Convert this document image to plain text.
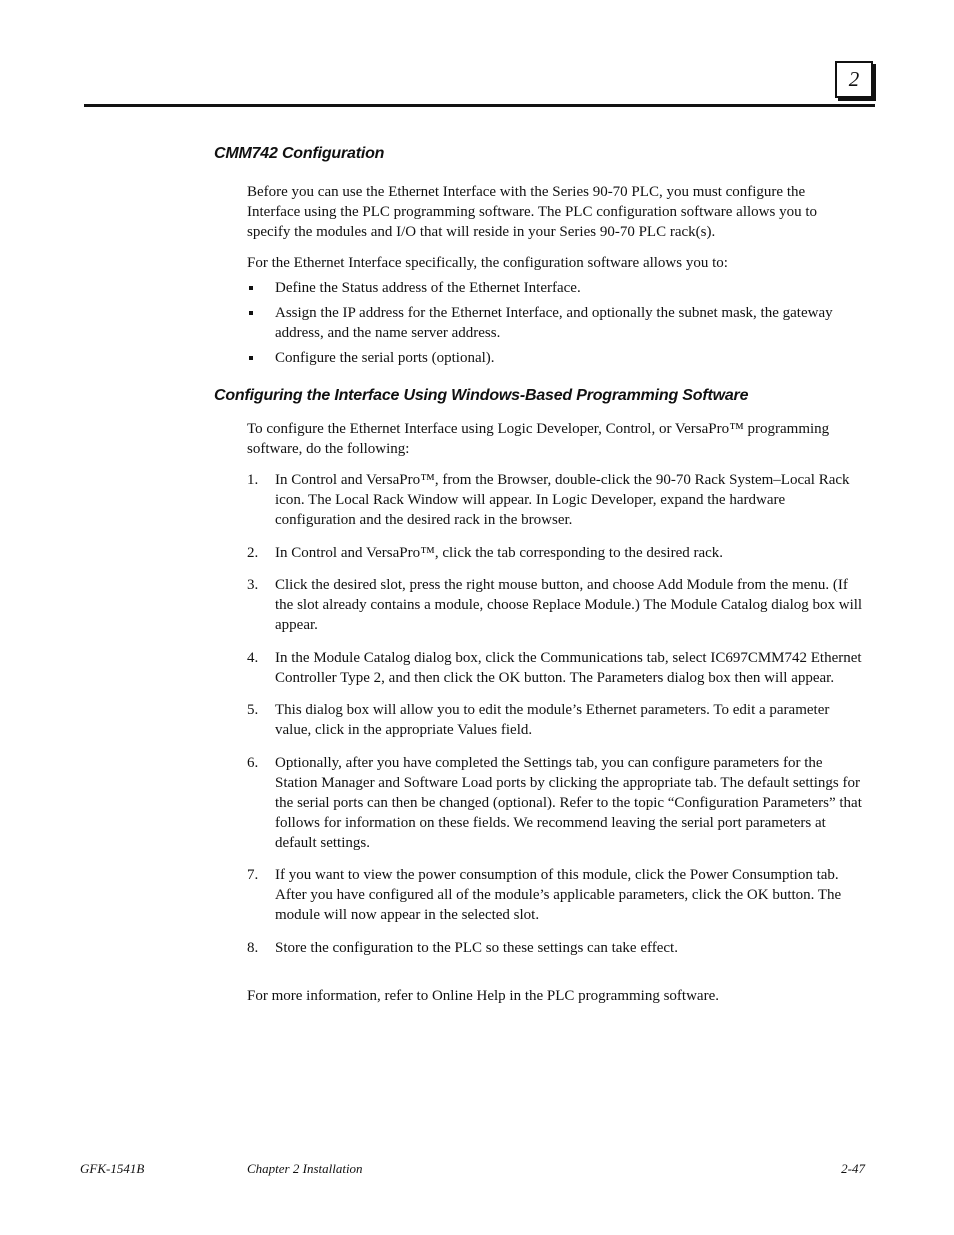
2
CMM742 Configuration

Before you can use the Ethernet Interface with the Series 90-70 PLC, you must configure the Interface using the PLC programming software. The PLC configuration software allows you to specify the modules and I/O that will reside in your Series 90-70 PLC rack(s).

For the Ethernet Interface specifically, the configuration software allows you to:

Define the Status address of the Ethernet Interface.
Assign the IP address for the Ethernet Interface, and optionally the subnet mask, the gateway address, and the name server address.
Configure the serial ports (optional).
Configuring the Interface Using Windows-Based Programming Software

To configure the Ethernet Interface using Logic Developer, Control, or VersaPro™ programming software, do the following:

1. In Control and VersaPro™, from the Browser, double-click the 90-70 Rack System–Local Rack icon. The Local Rack Window will appear. In Logic Developer, expand the hardware configuration and the desired rack in the browser.
2. In Control and VersaPro™, click the tab corresponding to the desired rack.
3. Click the desired slot, press the right mouse button, and choose Add Module from the menu. (If the slot already contains a module, choose Replace Module.) The Module Catalog dialog box will appear.
4. In the Module Catalog dialog box, click the Communications tab, select IC697CMM742 Ethernet Controller Type 2, and then click the OK button. The Parameters dialog box then will appear.
5. This dialog box will allow you to edit the module’s Ethernet parameters. To edit a parameter value, click in the appropriate Values field.
6. Optionally, after you have completed the Settings tab, you can configure parameters for the Station Manager and Software Load ports by clicking the appropriate tab. The default settings for the serial ports can then be changed (optional). Refer to the topic “Configuration Parameters” that follows for information on these fields. We recommend leaving the serial port parameters at default settings.
7. If you want to view the power consumption of this module, click the Power Consumption tab. After you have configured all of the module’s applicable parameters, click the OK button. The module will now appear in the selected slot.
8. Store the configuration to the PLC so these settings can take effect.

For more information, refer to Online Help in the PLC programming software.

GFK-1541B	Chapter 2 Installation	2-47
